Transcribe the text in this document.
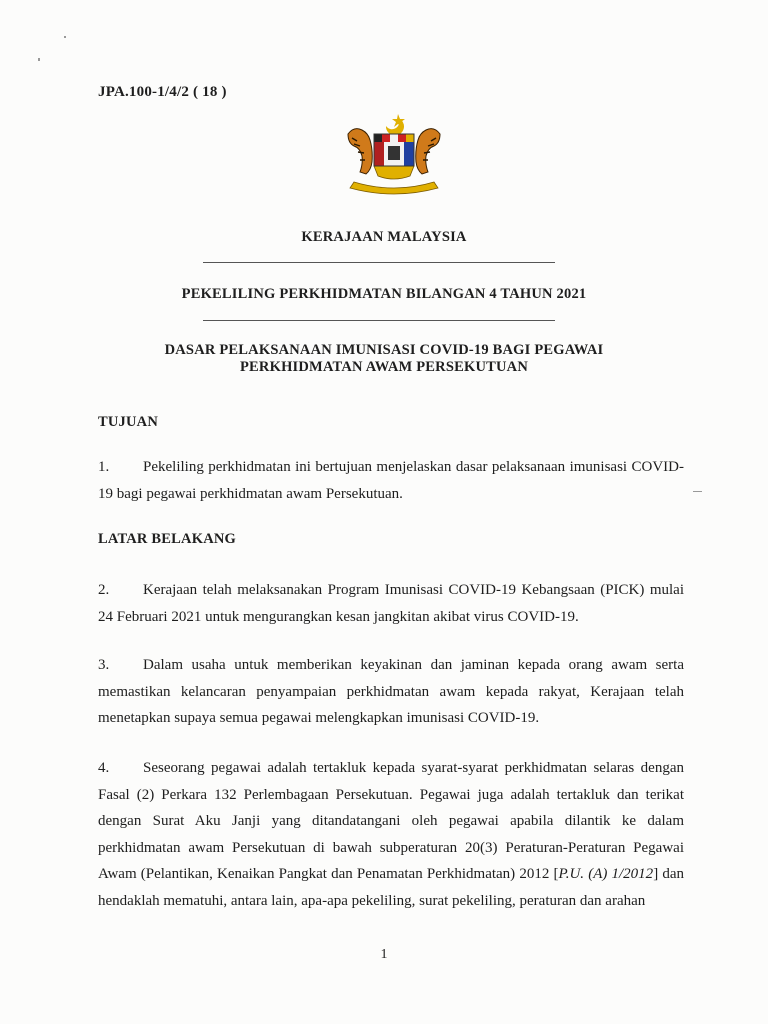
JPA.100-1/4/2 ( 18 )
KERAJAAN MALAYSIA
PEKELILING PERKHIDMATAN BILANGAN 4 TAHUN 2021
DASAR PELAKSANAAN IMUNISASI COVID-19 BAGI PEGAWAI
PERKHIDMATAN AWAM PERSEKUTUAN
TUJUAN
1. Pekeliling perkhidmatan ini bertujuan menjelaskan dasar pelaksanaan imunisasi COVID-19 bagi pegawai perkhidmatan awam Persekutuan.
LATAR BELAKANG
2. Kerajaan telah melaksanakan Program Imunisasi COVID-19 Kebangsaan (PICK) mulai 24 Februari 2021 untuk mengurangkan kesan jangkitan akibat virus COVID-19.
3. Dalam usaha untuk memberikan keyakinan dan jaminan kepada orang awam serta memastikan kelancaran penyampaian perkhidmatan awam kepada rakyat, Kerajaan telah menetapkan supaya semua pegawai melengkapkan imunisasi COVID-19.
4. Seseorang pegawai adalah tertakluk kepada syarat-syarat perkhidmatan selaras dengan Fasal (2) Perkara 132 Perlembagaan Persekutuan. Pegawai juga adalah tertakluk dan terikat dengan Surat Aku Janji yang ditandatangani oleh pegawai apabila dilantik ke dalam perkhidmatan awam Persekutuan di bawah subperaturan 20(3) Peraturan-Peraturan Pegawai Awam (Pelantikan, Kenaikan Pangkat dan Penamatan Perkhidmatan) 2012 [P.U. (A) 1/2012] dan hendaklah mematuhi, antara lain, apa-apa pekeliling, surat pekeliling, peraturan dan arahan
1
